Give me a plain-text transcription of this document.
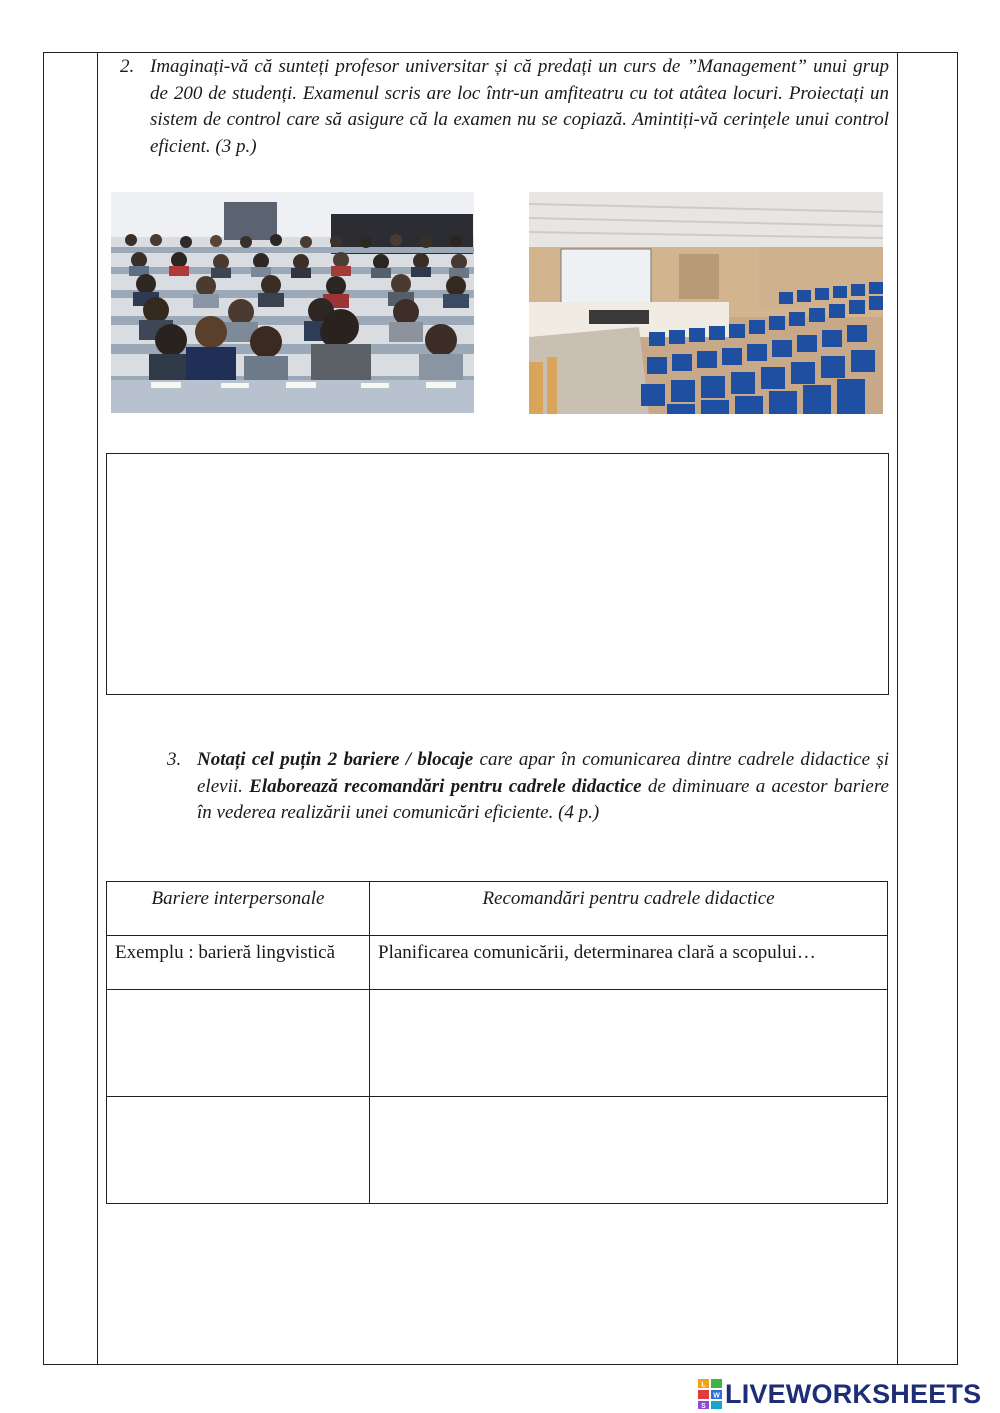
2. Imaginați-vă că sunteți profesor universitar și că predați un curs de ”Management” unui grup de 200 de studenți. Examenul scris are loc într-un amfiteatru cu tot atâtea locuri. Proiectați un sistem de control care să asigure că la examen nu se copiază. Amintiți-vă cerințele unui control eficient. (3 p.)
3. Notați cel puțin 2 bariere / blocaje care apar în comunicarea dintre cadrele didactice și elevii. Elaborează recomandări pentru cadrele didactice de diminuare a acestor bariere în vederea realizării unei comunicări eficiente. (4 p.)
Bariere interpersonale	Recomandări pentru cadrele didactice
Exemplu : barieră lingvistică	Planificarea comunicării, determinarea clară a scopului…

L
W
S LIVEWORKSHEETS
